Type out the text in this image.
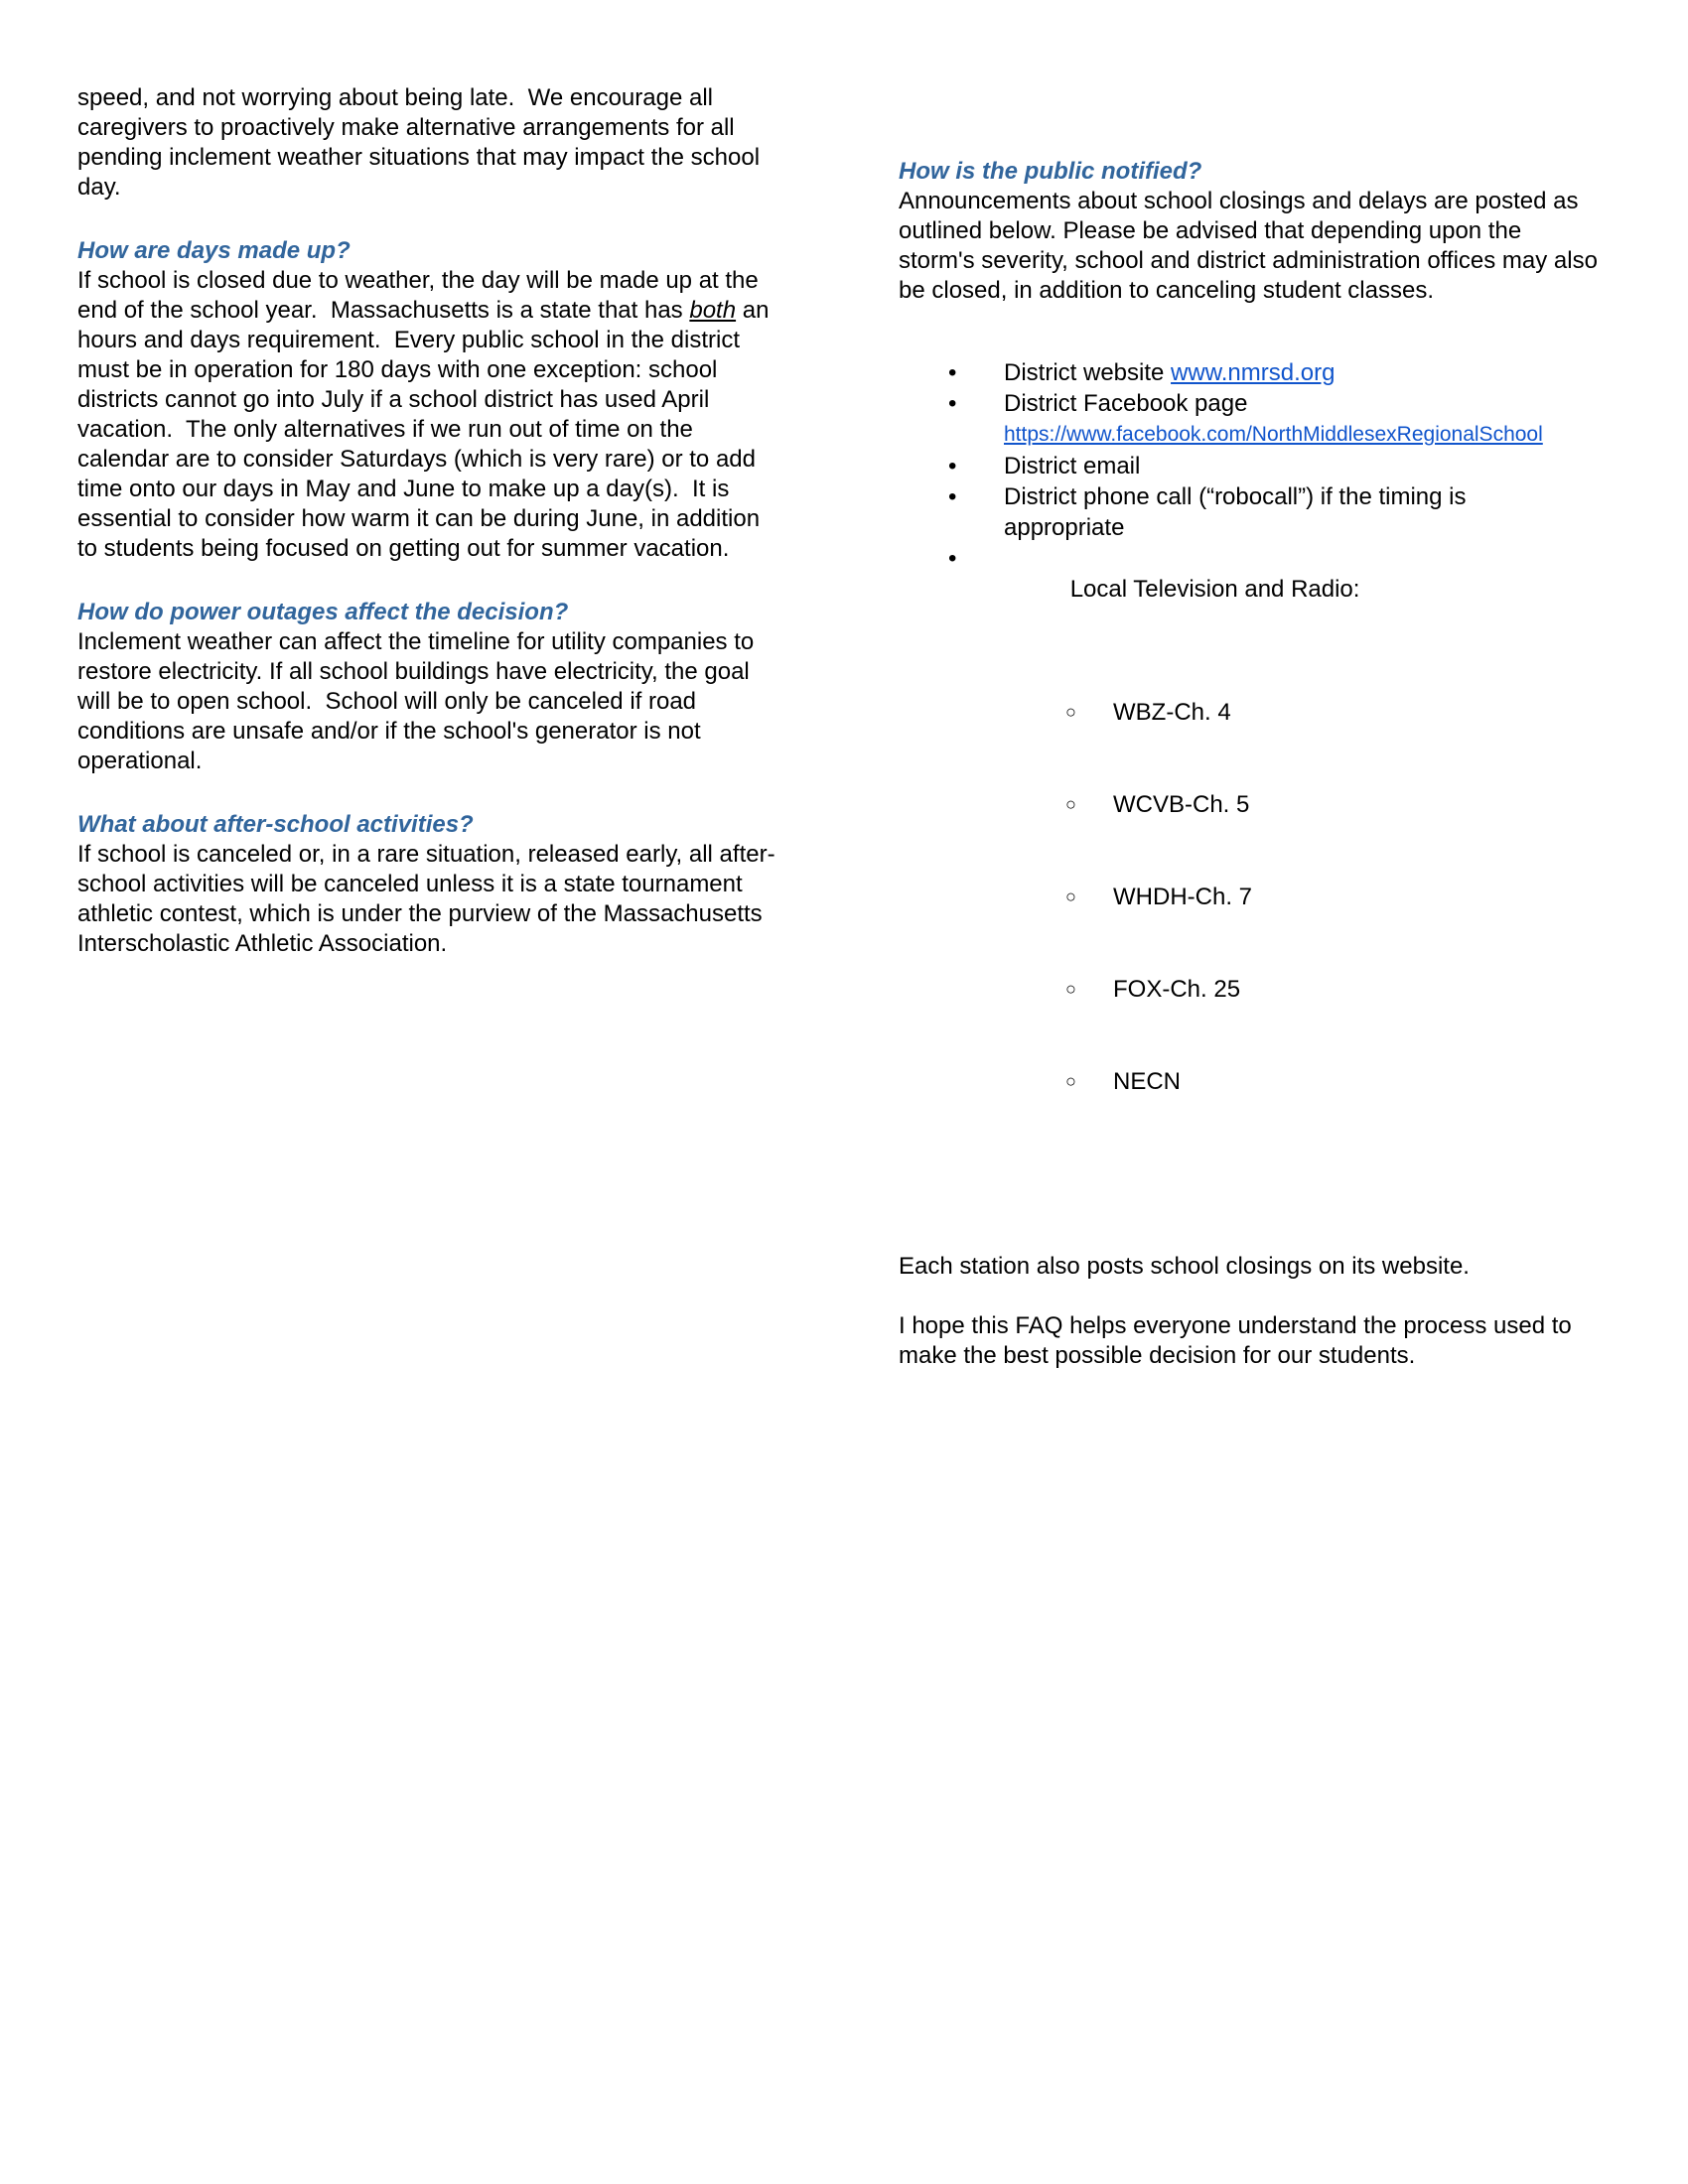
speed, and not worrying about being late.  We encourage all caregivers to proactively make alternative arrangements for all pending inclement weather situations that may impact the school day.

How are days made up?

If school is closed due to weather, the day will be made up at the end of the school year.  Massachusetts is a state that has both an hours and days requirement.  Every public school in the district must be in operation for 180 days with one exception: school districts cannot go into July if a school district has used April vacation.  The only alternatives if we run out of time on the calendar are to consider Saturdays (which is very rare) or to add time onto our days in May and June to make up a day(s).  It is essential to consider how warm it can be during June, in addition to students being focused on getting out for summer vacation.

How do power outages affect the decision?

Inclement weather can affect the timeline for utility companies to restore electricity. If all school buildings have electricity, the goal will be to open school.  School will only be canceled if road conditions are unsafe and/or if the school's generator is not operational.

What about after-school activities?

If school is canceled or, in a rare situation, released early, all after-school activities will be canceled unless it is a state tournament athletic contest, which is under the purview of the Massachusetts Interscholastic Athletic Association.

How is the public notified?

Announcements about school closings and delays are posted as outlined below. Please be advised that depending upon the storm's severity, school and district administration offices may also be closed, in addition to canceling student classes.

•	District website www.nmrsd.org
•	District Facebook page
https://www.facebook.com/NorthMiddlesexRegionalSchool
•	District email
•	District phone call (“robocall”) if the timing is appropriate
•

Local Television and Radio:

○	WBZ-Ch. 4

○	WCVB-Ch. 5

○	WHDH-Ch. 7

○	FOX-Ch. 25

○	NECN

Each station also posts school closings on its website.

I hope this FAQ helps everyone understand the process used to make the best possible decision for our students.
